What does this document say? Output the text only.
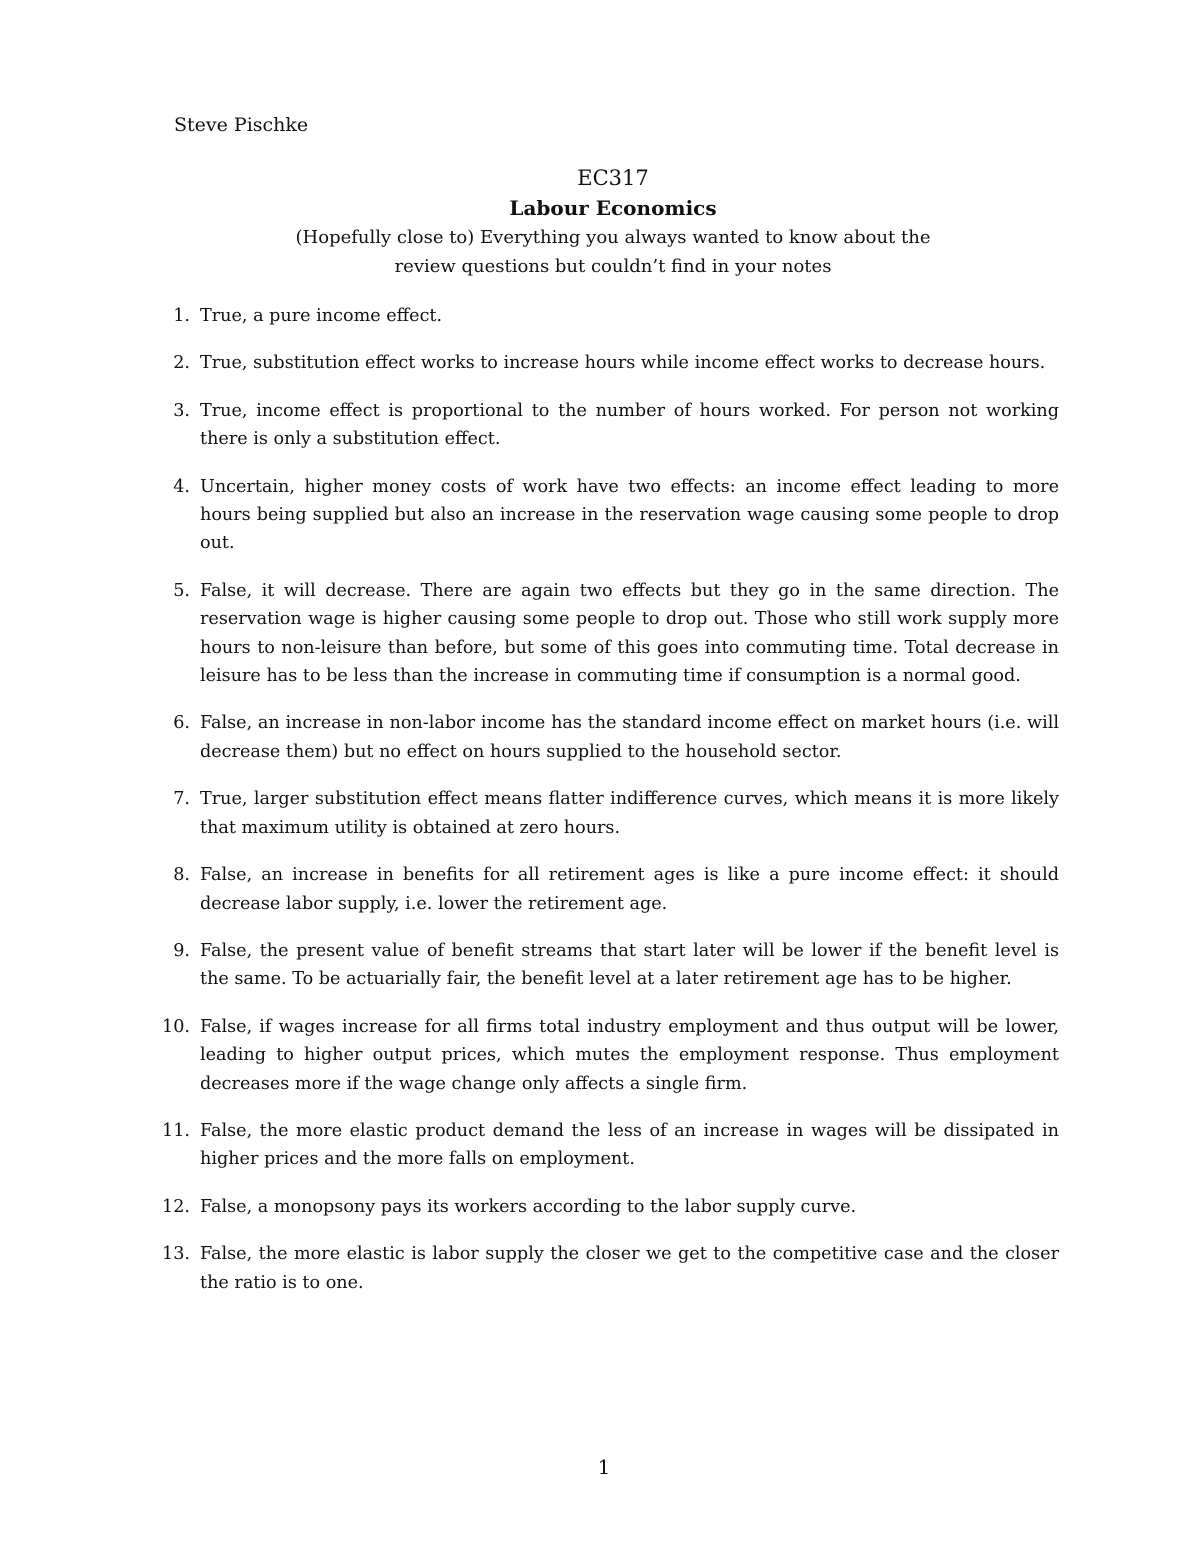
Steve Pischke
EC317
Labour Economics
(Hopefully close to) Everything you always wanted to know about the
review questions but couldn’t find in your notes
1. True, a pure income effect.
2. True, substitution effect works to increase hours while income effect works to decrease hours.
3. True, income effect is proportional to the number of hours worked. For person not working there is only a substitution effect.
4. Uncertain, higher money costs of work have two effects: an income effect leading to more hours being supplied but also an increase in the reservation wage causing some people to drop out.
5. False, it will decrease. There are again two effects but they go in the same direction. The reservation wage is higher causing some people to drop out. Those who still work supply more hours to non-leisure than before, but some of this goes into commuting time. Total decrease in leisure has to be less than the increase in commuting time if consumption is a normal good.
6. False, an increase in non-labor income has the standard income effect on market hours (i.e. will decrease them) but no effect on hours supplied to the household sector.
7. True, larger substitution effect means flatter indifference curves, which means it is more likely that maximum utility is obtained at zero hours.
8. False, an increase in benefits for all retirement ages is like a pure income effect: it should decrease labor supply, i.e. lower the retirement age.
9. False, the present value of benefit streams that start later will be lower if the benefit level is the same. To be actuarially fair, the benefit level at a later retirement age has to be higher.
10. False, if wages increase for all firms total industry employment and thus output will be lower, leading to higher output prices, which mutes the employment response. Thus employment decreases more if the wage change only affects a single firm.
11. False, the more elastic product demand the less of an increase in wages will be dissipated in higher prices and the more falls on employment.
12. False, a monopsony pays its workers according to the labor supply curve.
13. False, the more elastic is labor supply the closer we get to the competitive case and the closer the ratio is to one.
1
